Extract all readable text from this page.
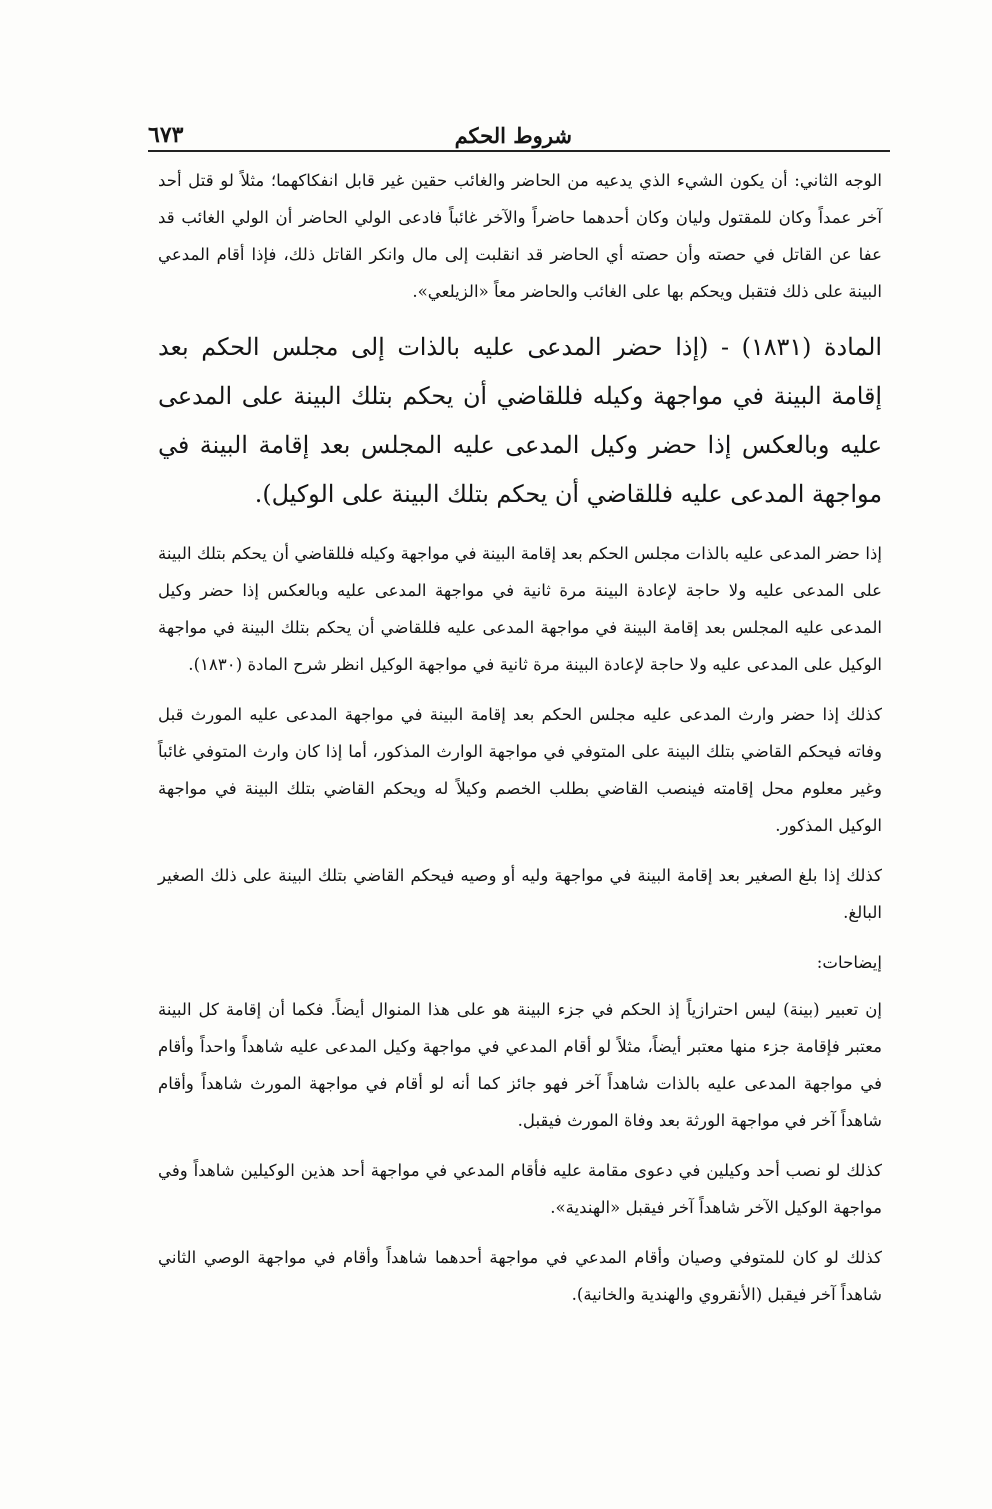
٦٧٣	شروط الحكم

الوجه الثاني: أن يكون الشيء الذي يدعيه من الحاضر والغائب حقين غير قابل انفكاكهما؛ مثلاً لو قتل أحد آخر عمداً وكان للمقتول وليان وكان أحدهما حاضراً والآخر غائباً فادعى الولي الحاضر أن الولي الغائب قد عفا عن القاتل في حصته وأن حصته أي الحاضر قد انقلبت إلى مال وانكر القاتل ذلك، فإذا أقام المدعي البينة على ذلك فتقبل ويحكم بها على الغائب والحاضر معاً «الزيلعي».

المادة (١٨٣١) - (إذا حضر المدعى عليه بالذات إلى مجلس الحكم بعد إقامة البينة في مواجهة وكيله فللقاضي أن يحكم بتلك البينة على المدعى عليه وبالعكس إذا حضر وكيل المدعى عليه المجلس بعد إقامة البينة في مواجهة المدعى عليه فللقاضي أن يحكم بتلك البينة على الوكيل).

إذا حضر المدعى عليه بالذات مجلس الحكم بعد إقامة البينة في مواجهة وكيله فللقاضي أن يحكم بتلك البينة على المدعى عليه ولا حاجة لإعادة البينة مرة ثانية في مواجهة المدعى عليه وبالعكس إذا حضر وكيل المدعى عليه المجلس بعد إقامة البينة في مواجهة المدعى عليه فللقاضي أن يحكم بتلك البينة في مواجهة الوكيل على المدعى عليه ولا حاجة لإعادة البينة مرة ثانية في مواجهة الوكيل انظر شرح المادة (١٨٣٠).

كذلك إذا حضر وارث المدعى عليه مجلس الحكم بعد إقامة البينة في مواجهة المدعى عليه المورث قبل وفاته فيحكم القاضي بتلك البينة على المتوفي في مواجهة الوارث المذكور، أما إذا كان وارث المتوفي غائباً وغير معلوم محل إقامته فينصب القاضي بطلب الخصم وكيلاً له ويحكم القاضي بتلك البينة في مواجهة الوكيل المذكور.

كذلك إذا بلغ الصغير بعد إقامة البينة في مواجهة وليه أو وصيه فيحكم القاضي بتلك البينة على ذلك الصغير البالغ.

إيضاحات:

إن تعبير (بينة) ليس احترازياً إذ الحكم في جزء البينة هو على هذا المنوال أيضاً. فكما أن إقامة كل البينة معتبر فإقامة جزء منها معتبر أيضاً، مثلاً لو أقام المدعي في مواجهة وكيل المدعى عليه شاهداً واحداً وأقام في مواجهة المدعى عليه بالذات شاهداً آخر فهو جائز كما أنه لو أقام في مواجهة المورث شاهداً وأقام شاهداً آخر في مواجهة الورثة بعد وفاة المورث فيقبل.

كذلك لو نصب أحد وكيلين في دعوى مقامة عليه فأقام المدعي في مواجهة أحد هذين الوكيلين شاهداً وفي مواجهة الوكيل الآخر شاهداً آخر فيقبل «الهندية».

كذلك لو كان للمتوفي وصيان وأقام المدعي في مواجهة أحدهما شاهداً وأقام في مواجهة الوصي الثاني شاهداً آخر فيقبل (الأنقروي والهندية والخانية).
